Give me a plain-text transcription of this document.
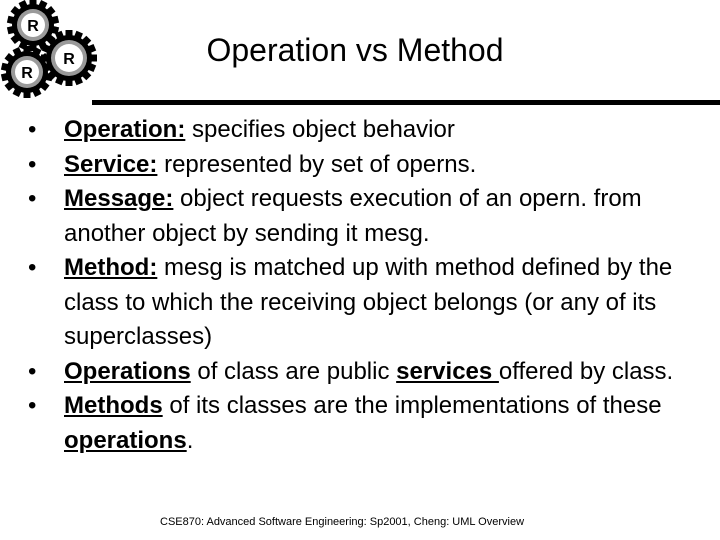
R
R
R	Operation vs Method
• Operation: specifies object behavior
• Service: represented by set of operns.
• Message: object requests execution of an opern. from another object by sending it mesg.
• Method: mesg is matched up with method defined by the class to which the receiving object belongs (or any of its superclasses)
• Operations of class are public services offered by class.
• Methods of its classes are the implementations of these operations.
CSE870: Advanced Software Engineering: Sp2001, Cheng: UML Overview
